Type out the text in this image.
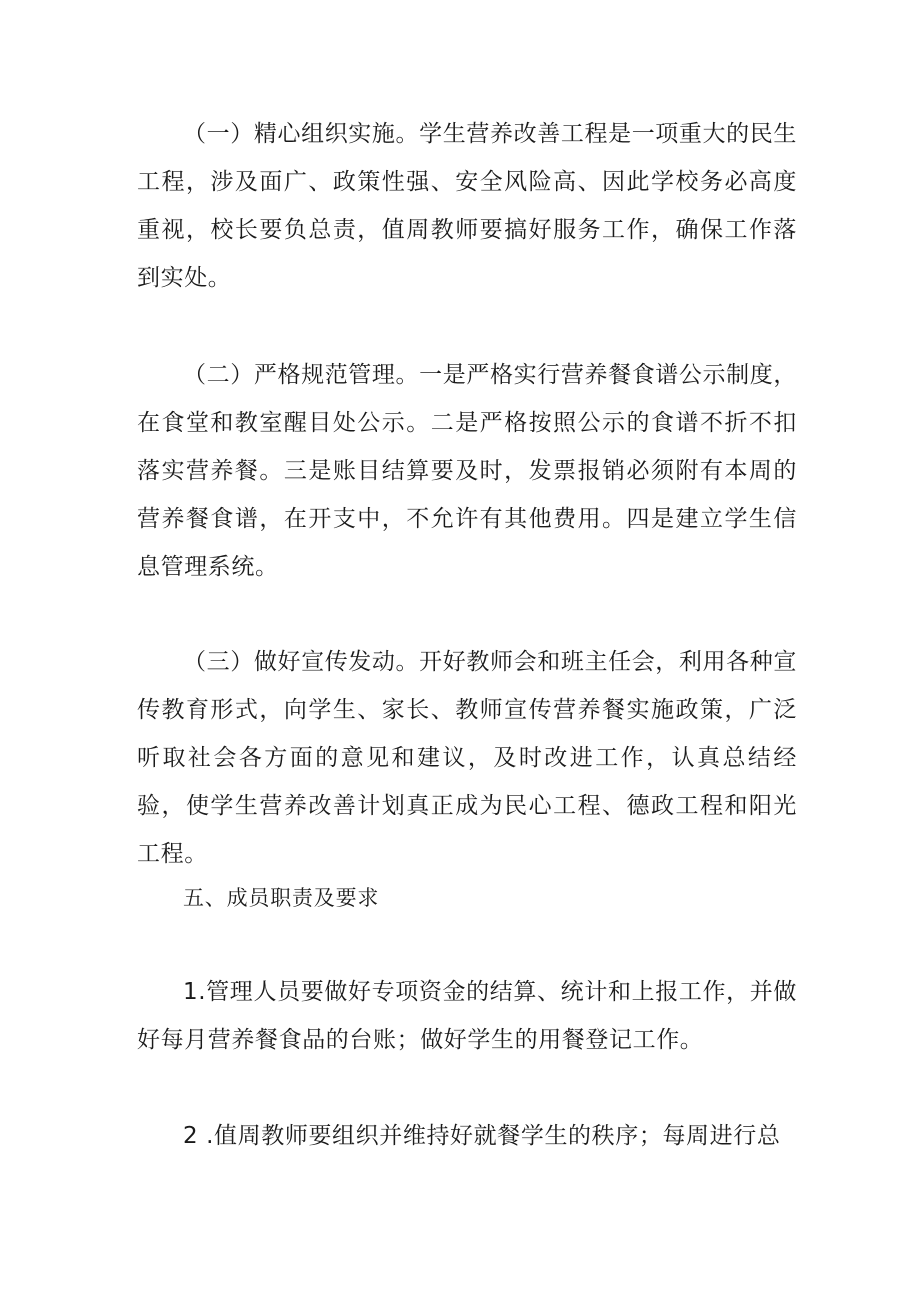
（一）精心组织实施。学生营养改善工程是一项重大的民生工程，涉及面广、政策性强、安全风险高、因此学校务必高度重视，校长要负总责，值周教师要搞好服务工作，确保工作落到实处。

（二）严格规范管理。一是严格实行营养餐食谱公示制度，在食堂和教室醒目处公示。二是严格按照公示的食谱不折不扣落实营养餐。三是账目结算要及时，发票报销必须附有本周的营养餐食谱，在开支中，不允许有其他费用。四是建立学生信息管理系统。

（三）做好宣传发动。开好教师会和班主任会，利用各种宣传教育形式，向学生、家长、教师宣传营养餐实施政策，广泛听取社会各方面的意见和建议，及时改进工作，认真总结经验，使学生营养改善计划真正成为民心工程、德政工程和阳光工程。

五、成员职责及要求

1.管理人员要做好专项资金的结算、统计和上报工作，并做好每月营养餐食品的台账；做好学生的用餐登记工作。

2 .值周教师要组织并维持好就餐学生的秩序；每周进行总
